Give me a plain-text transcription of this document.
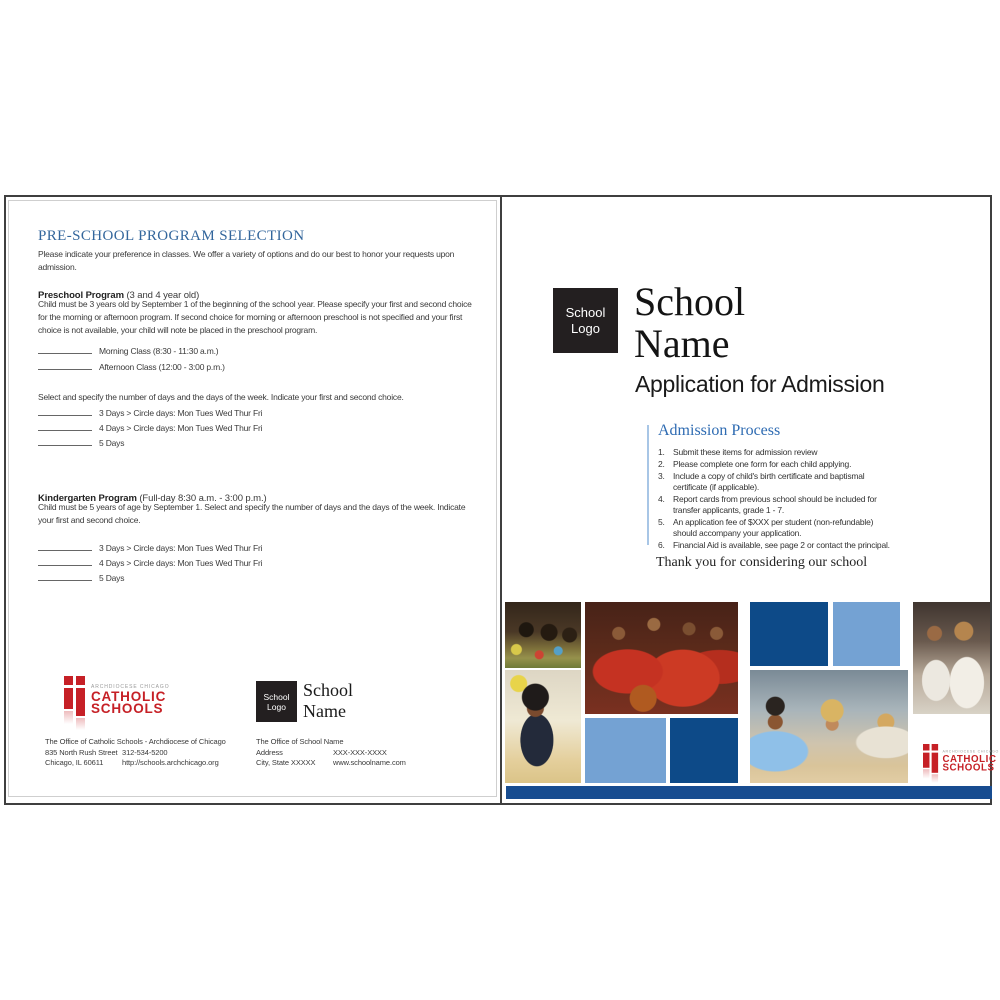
PRE-SCHOOL PROGRAM SELECTION
Please indicate your preference in classes. We offer a variety of options and do our best to honor your requests upon admission.
Preschool Program (3 and 4 year old)
Child must be 3 years old by September 1 of the beginning of the school year. Please specify your first and second choice for the morning or afternoon program. If second choice for morning or afternoon preschool is not specified and your first choice is not available, your child will note be placed in the preschool program.
Morning Class (8:30 - 11:30 a.m.)
Afternoon Class (12:00 - 3:00 p.m.)
Select and specify the number of days and the days of the week. Indicate your first and second choice.
3 Days > Circle days: Mon Tues Wed Thur Fri
4 Days > Circle days: Mon Tues Wed Thur Fri
5 Days
Kindergarten Program (Full-day 8:30 a.m. - 3:00 p.m.)
Child must be 5 years of age by September 1. Select and specify the number of days and the days of the week. Indicate your first and second choice.
3 Days > Circle days: Mon Tues Wed Thur Fri
4 Days > Circle days: Mon Tues Wed Thur Fri
5 Days
ARCHDIOCESE CHICAGO
CATHOLIC
SCHOOLS
The Office of Catholic Schools - Archdiocese of Chicago
835 North Rush Street 312-534-5200
Chicago, IL 60611	http://schools.archchicago.org
School
Logo
School
Name
The Office of School Name
Address	XXX-XXX-XXXX
City, State XXXXX	www.schoolname.com
School
Logo
School
Name
Application for Admission
Admission Process
1. Submit these items for admission review
2. Please complete one form for each child applying.
3. Include a copy of child's birth certificate and baptismal certificate (if applicable).
4. Report cards from previous school should be included for transfer applicants, grade 1 - 7.
5. An application fee of $XXX per student (non-refundable) should accompany your application.
6. Financial Aid is available, see page 2 or contact the principal.
Thank you for considering our school
ARCHDIOCESE CHICAGO
CATHOLIC
SCHOOLS
